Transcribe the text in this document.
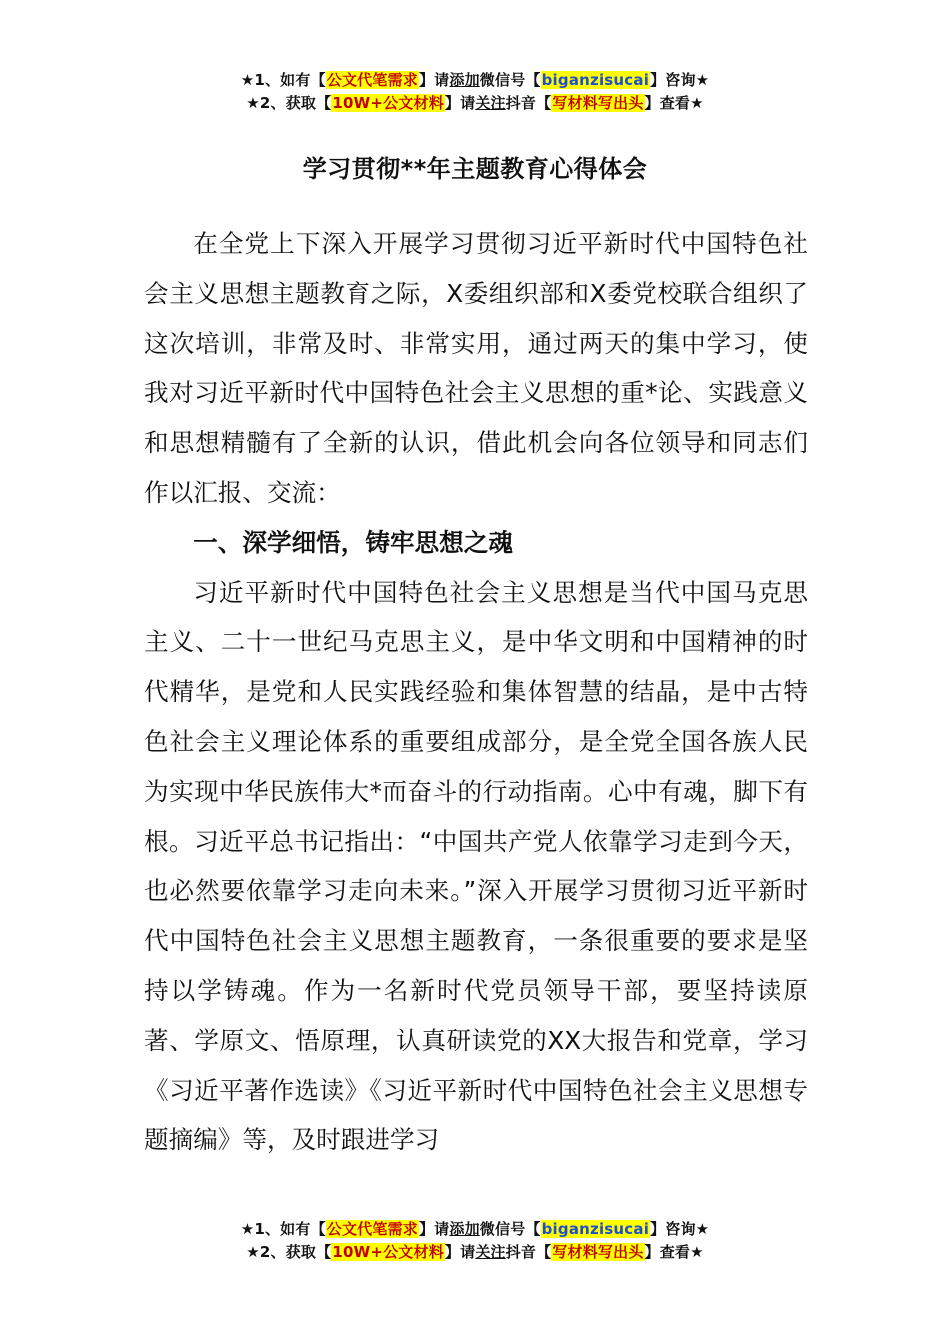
★1、如有【公文代笔需求】请添加微信号【biganzisucai】咨询★
★2、获取【10W+公文材料】请关注抖音【写材料写出头】查看★
学习贯彻**年主题教育心得体会

在全党上下深入开展学习贯彻习近平新时代中国特色社会主义思想主题教育之际，X委组织部和X委党校联合组织了这次培训，非常及时、非常实用，通过两天的集中学习，使我对习近平新时代中国特色社会主义思想的重*论、实践意义和思想精髓有了全新的认识，借此机会向各位领导和同志们作以汇报、交流：

一、深学细悟，铸牢思想之魂

习近平新时代中国特色社会主义思想是当代中国马克思主义、二十一世纪马克思主义，是中华文明和中国精神的时代精华，是党和人民实践经验和集体智慧的结晶，是中古特色社会主义理论体系的重要组成部分，是全党全国各族人民为实现中华民族伟大*而奋斗的行动指南。心中有魂，脚下有根。习近平总书记指出：“中国共产党人依靠学习走到今天，也必然要依靠学习走向未来。”深入开展学习贯彻习近平新时代中国特色社会主义思想主题教育，一条很重要的要求是坚持以学铸魂。作为一名新时代党员领导干部，要坚持读原著、学原文、悟原理，认真研读党的XX大报告和党章，学习《习近平著作选读》《习近平新时代中国特色社会主义思想专题摘编》等，及时跟进学习

★1、如有【公文代笔需求】请添加微信号【biganzisucai】咨询★
★2、获取【10W+公文材料】请关注抖音【写材料写出头】查看★
